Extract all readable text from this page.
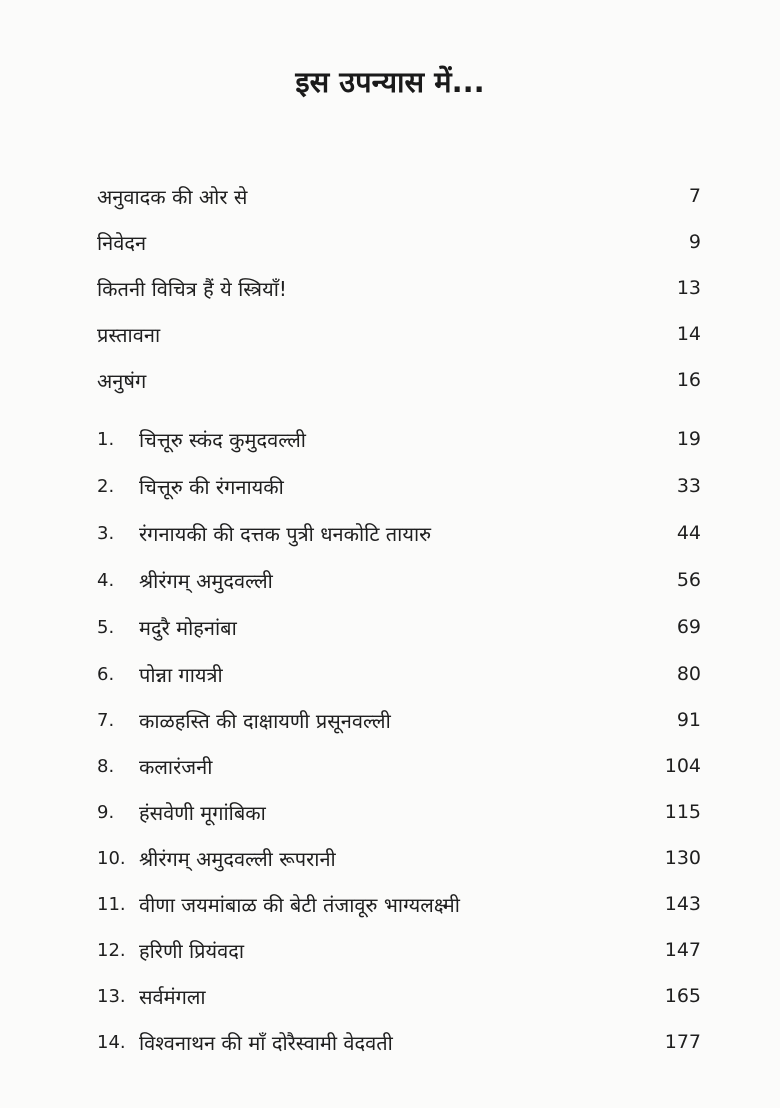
इस उपन्यास में...
अनुवादक की ओर से	7
निवेदन	9
कितनी विचित्र हैं ये स्त्रियाँ!	13
प्रस्तावना	14
अनुषंग	16
1.	चित्तूरु स्कंद कुमुदवल्ली	19
2.	चित्तूरु की रंगनायकी	33
3.	रंगनायकी की दत्तक पुत्री धनकोटि तायारु	44
4.	श्रीरंगम् अमुदवल्ली	56
5.	मदुरै मोहनांबा	69
6.	पोन्ना गायत्री	80
7.	काळहस्ति की दाक्षायणी प्रसूनवल्ली	91
8.	कलारंजनी	104
9.	हंसवेणी मूगांबिका	115
10. श्रीरंगम् अमुदवल्ली रूपरानी	130
11. वीणा जयमांबाळ की बेटी तंजावूरु भाग्यलक्ष्मी	143
12. हरिणी प्रियंवदा	147
13. सर्वमंगला	165
14. विश्वनाथन की माँ दोरैस्वामी वेदवती	177
